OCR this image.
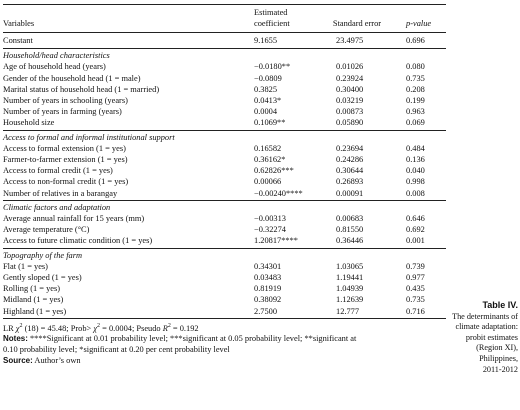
Variables	Estimated
coefficient	Standard error	p-value
Constant	9.1655	23.4975	0.696
Household/head characteristics			
Age of household head (years)	−0.0180**	0.01026	0.080
Gender of the household head (1 = male)	−0.0809	0.23924	0.735
Marital status of household head (1 = married)	0.3825	0.30400	0.208
Number of years in schooling (years)	0.0413*	0.03219	0.199
Number of years in farming (years)	0.0004	0.00873	0.963
Household size	0.1069**	0.05890	0.069
Access to formal and informal institutional support			
Access to formal extension (1 = yes)	0.16582	0.23694	0.484
Farmer-to-farmer extension (1 = yes)	0.36162*	0.24286	0.136
Access to formal credit (1 = yes)	0.62826***	0.30644	0.040
Access to non-formal credit (1 = yes)	0.00066	0.26893	0.998
Number of relatives in a barangay	−0.00240****	0.00091	0.008
Climatic factors and adaptation			
Average annual rainfall for 15 years (mm)	−0.00313	0.00683	0.646
Average temperature (°C)	−0.32274	0.81550	0.692
Access to future climatic condition (1 = yes)	1.20817****	0.36446	0.001
Topography of the farm			
Flat (1 = yes)	0.34301	1.03065	0.739
Gently sloped (1 = yes)	0.03483	1.19441	0.977
Rolling (1 = yes)	0.81919	1.04939	0.435
Midland (1 = yes)	0.38092	1.12639	0.735
Highland (1 = yes)	2.7500	12.777	0.716
LR $\chi^2$ (18) = 45.48; Prob> $\chi^2 = 0.0004$; Pseudo $R^2 = 0.192$
Notes: ****Significant at 0.01 probability level; ***significant at 0.05 probability level; **significant at
0.10 probability level; *significant at 0.20 per cent probability level
Source: Author’s own
Table IV.
The determinants of
climate adaptation:
probit estimates
(Region XI),
Philippines,
2011-2012
